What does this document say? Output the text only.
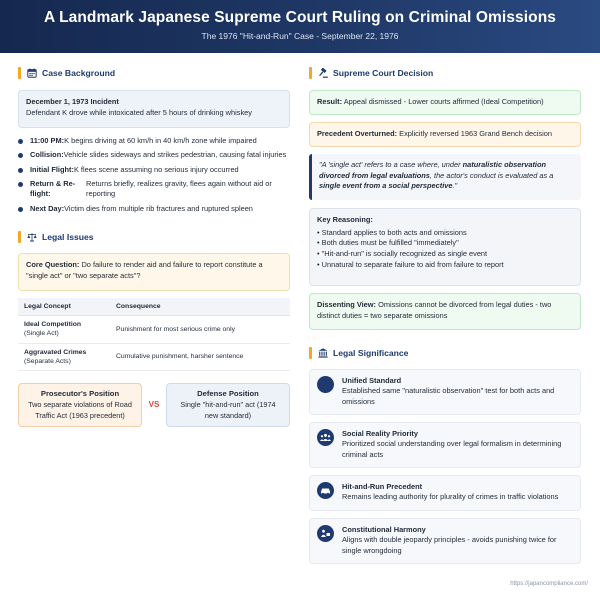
A Landmark Japanese Supreme Court Ruling on Criminal Omissions
The 1976 "Hit-and-Run" Case - September 22, 1976
Case Background
December 1, 1973 Incident
Defendant K drove while intoxicated after 5 hours of drinking whiskey
11:00 PM:K begins driving at 60 km/h in 40 km/h zone while impaired
Collision:Vehicle slides sideways and strikes pedestrian, causing fatal injuries
Initial Flight:K flees scene assuming no serious injury occurred
Return & Re-flight:
Returns briefly, realizes gravity, flees again without aid or reporting
Next Day:Victim dies from multiple rib fractures and ruptured spleen
Legal Issues
Core Question: Do failure to render aid and failure to report constitute a "single act" or "two separate acts"?
Legal Concept	Consequence
Ideal Competition
(Single Act)	Punishment for most serious crime only
Aggravated Crimes
(Separate Acts)	Cumulative punishment, harsher sentence
Prosecutor's Position
Two separate violations of Road Traffic Act (1963 precedent)
VS
Defense Position
Single "hit-and-run" act (1974 new standard)
Supreme Court Decision
Result: Appeal dismissed - Lower courts affirmed (Ideal Competition)
Precedent Overturned: Explicitly reversed 1963 Grand Bench decision
"A 'single act' refers to a case where, under naturalistic observation divorced from legal evaluations, the actor's conduct is evaluated as a single event from a social perspective."
Key Reasoning:
• Standard applies to both acts and omissions
• Both duties must be fulfilled "immediately"
• "Hit-and-run" is socially recognized as single event
• Unnatural to separate failure to aid from failure to report
Dissenting View: Omissions cannot be divorced from legal duties - two distinct duties = two separate omissions
Legal Significance
Unified Standard
Established same "naturalistic observation" test for both acts and omissions
Social Reality Priority
Prioritized social understanding over legal formalism in determining criminal acts
Hit-and-Run Precedent
Remains leading authority for plurality of crimes in traffic violations
Constitutional Harmony
Aligns with double jeopardy principles - avoids punishing twice for single wrongdoing
https://japancompliance.com/
